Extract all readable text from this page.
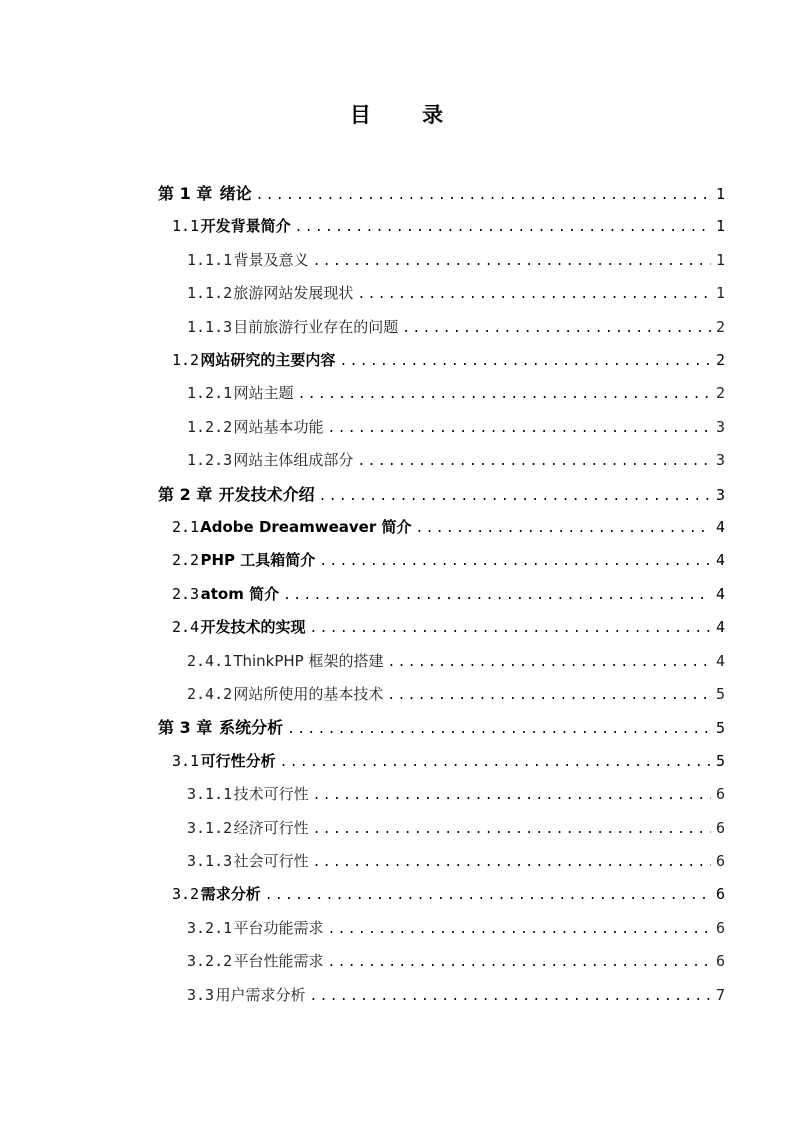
目 录
第 1 章 绪论 .....	1
1.1 开发背景简介 .....	1
1.1.1 背景及意义 .....	1
1.1.2 旅游网站发展现状 .....	1
1.1.3 目前旅游行业存在的问题 .....	2
1.2 网站研究的主要内容 .....	2
1.2.1 网站主题 .....	2
1.2.2 网站基本功能 .....	3
1.2.3 网站主体组成部分 .....	3
第 2 章 开发技术介绍 .....	3
2.1 Adobe Dreamweaver 简介 .....	4
2.2 PHP 工具箱简介 .....	4
2.3 atom 简介 .....	4
2.4 开发技术的实现 .....	4
2.4.1 ThinkPHP 框架的搭建 .....	4
2.4.2 网站所使用的基本技术 .....	5
第 3 章 系统分析 .....	5
3.1 可行性分析 .....	5
3.1.1 技术可行性 .....	6
3.1.2 经济可行性 .....	6
3.1.3 社会可行性 .....	6
3.2 需求分析 .....	6
3.2.1 平台功能需求 .....	6
3.2.2 平台性能需求 .....	6
3.3 用户需求分析 .....	7
